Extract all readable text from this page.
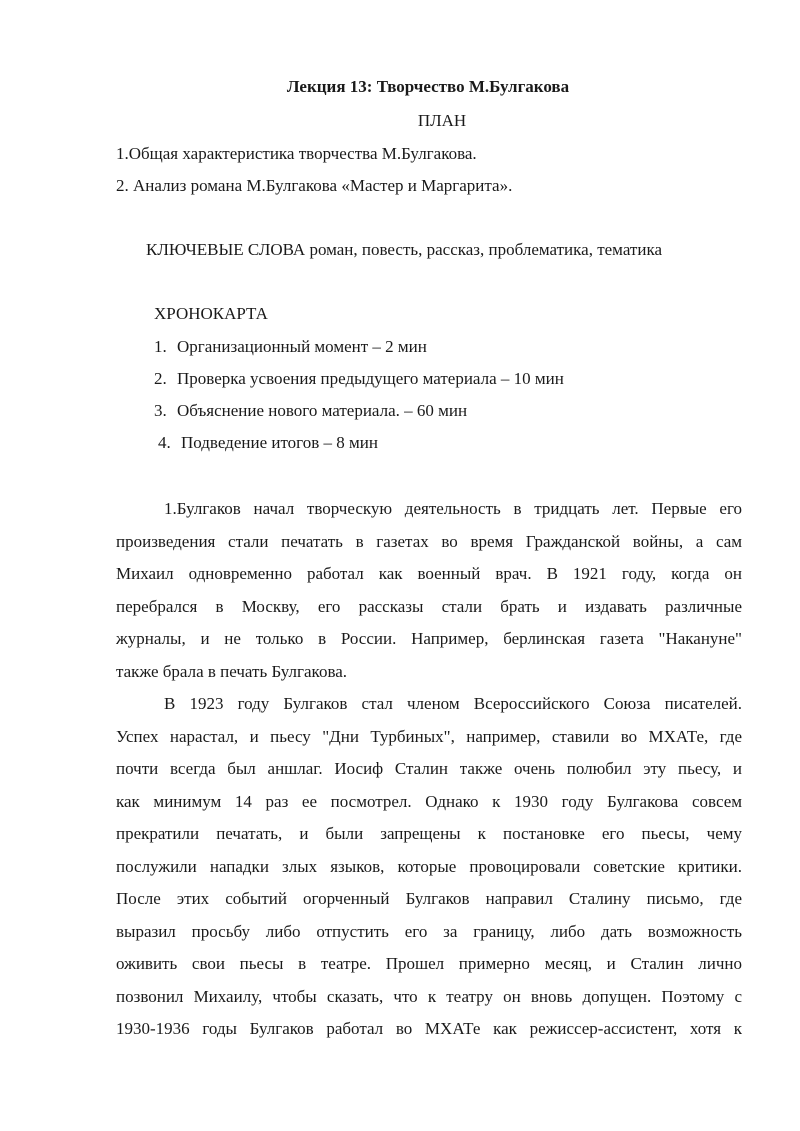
Лекция 13: Творчество М.Булгакова
ПЛАН
1.Общая характеристика творчества М.Булгакова.
2. Анализ романа М.Булгакова «Мастер и Маргарита».
КЛЮЧЕВЫЕ СЛОВА роман, повесть, рассказ, проблематика, тематика
ХРОНОКАРТА
1. Организационный момент – 2 мин
2. Проверка усвоения предыдущего материала – 10 мин
3. Объяснение нового материала. – 60 мин
4. Подведение итогов – 8 мин
1.Булгаков начал творческую деятельность в тридцать лет. Первые его
произведения стали печатать в газетах во время Гражданской войны, а сам
Михаил одновременно работал как военный врач. В 1921 году, когда он
перебрался в Москву, его рассказы стали брать и издавать различные
журналы, и не только в России. Например, берлинская газета "Накануне"
также брала в печать Булгакова.
В 1923 году Булгаков стал членом Всероссийского Союза писателей.
Успех нарастал, и пьесу "Дни Турбиных", например, ставили во МХАТе, где
почти всегда был аншлаг. Иосиф Сталин также очень полюбил эту пьесу, и
как минимум 14 раз ее посмотрел. Однако к 1930 году Булгакова совсем
прекратили печатать, и были запрещены к постановке его пьесы, чему
послужили нападки злых языков, которые провоцировали советские критики.
После этих событий огорченный Булгаков направил Сталину письмо, где
выразил просьбу либо отпустить его за границу, либо дать возможность
оживить свои пьесы в театре. Прошел примерно месяц, и Сталин лично
позвонил Михаилу, чтобы сказать, что к театру он вновь допущен. Поэтому с
1930-1936 годы Булгаков работал во МХАТе как режиссер-ассистент, хотя к
